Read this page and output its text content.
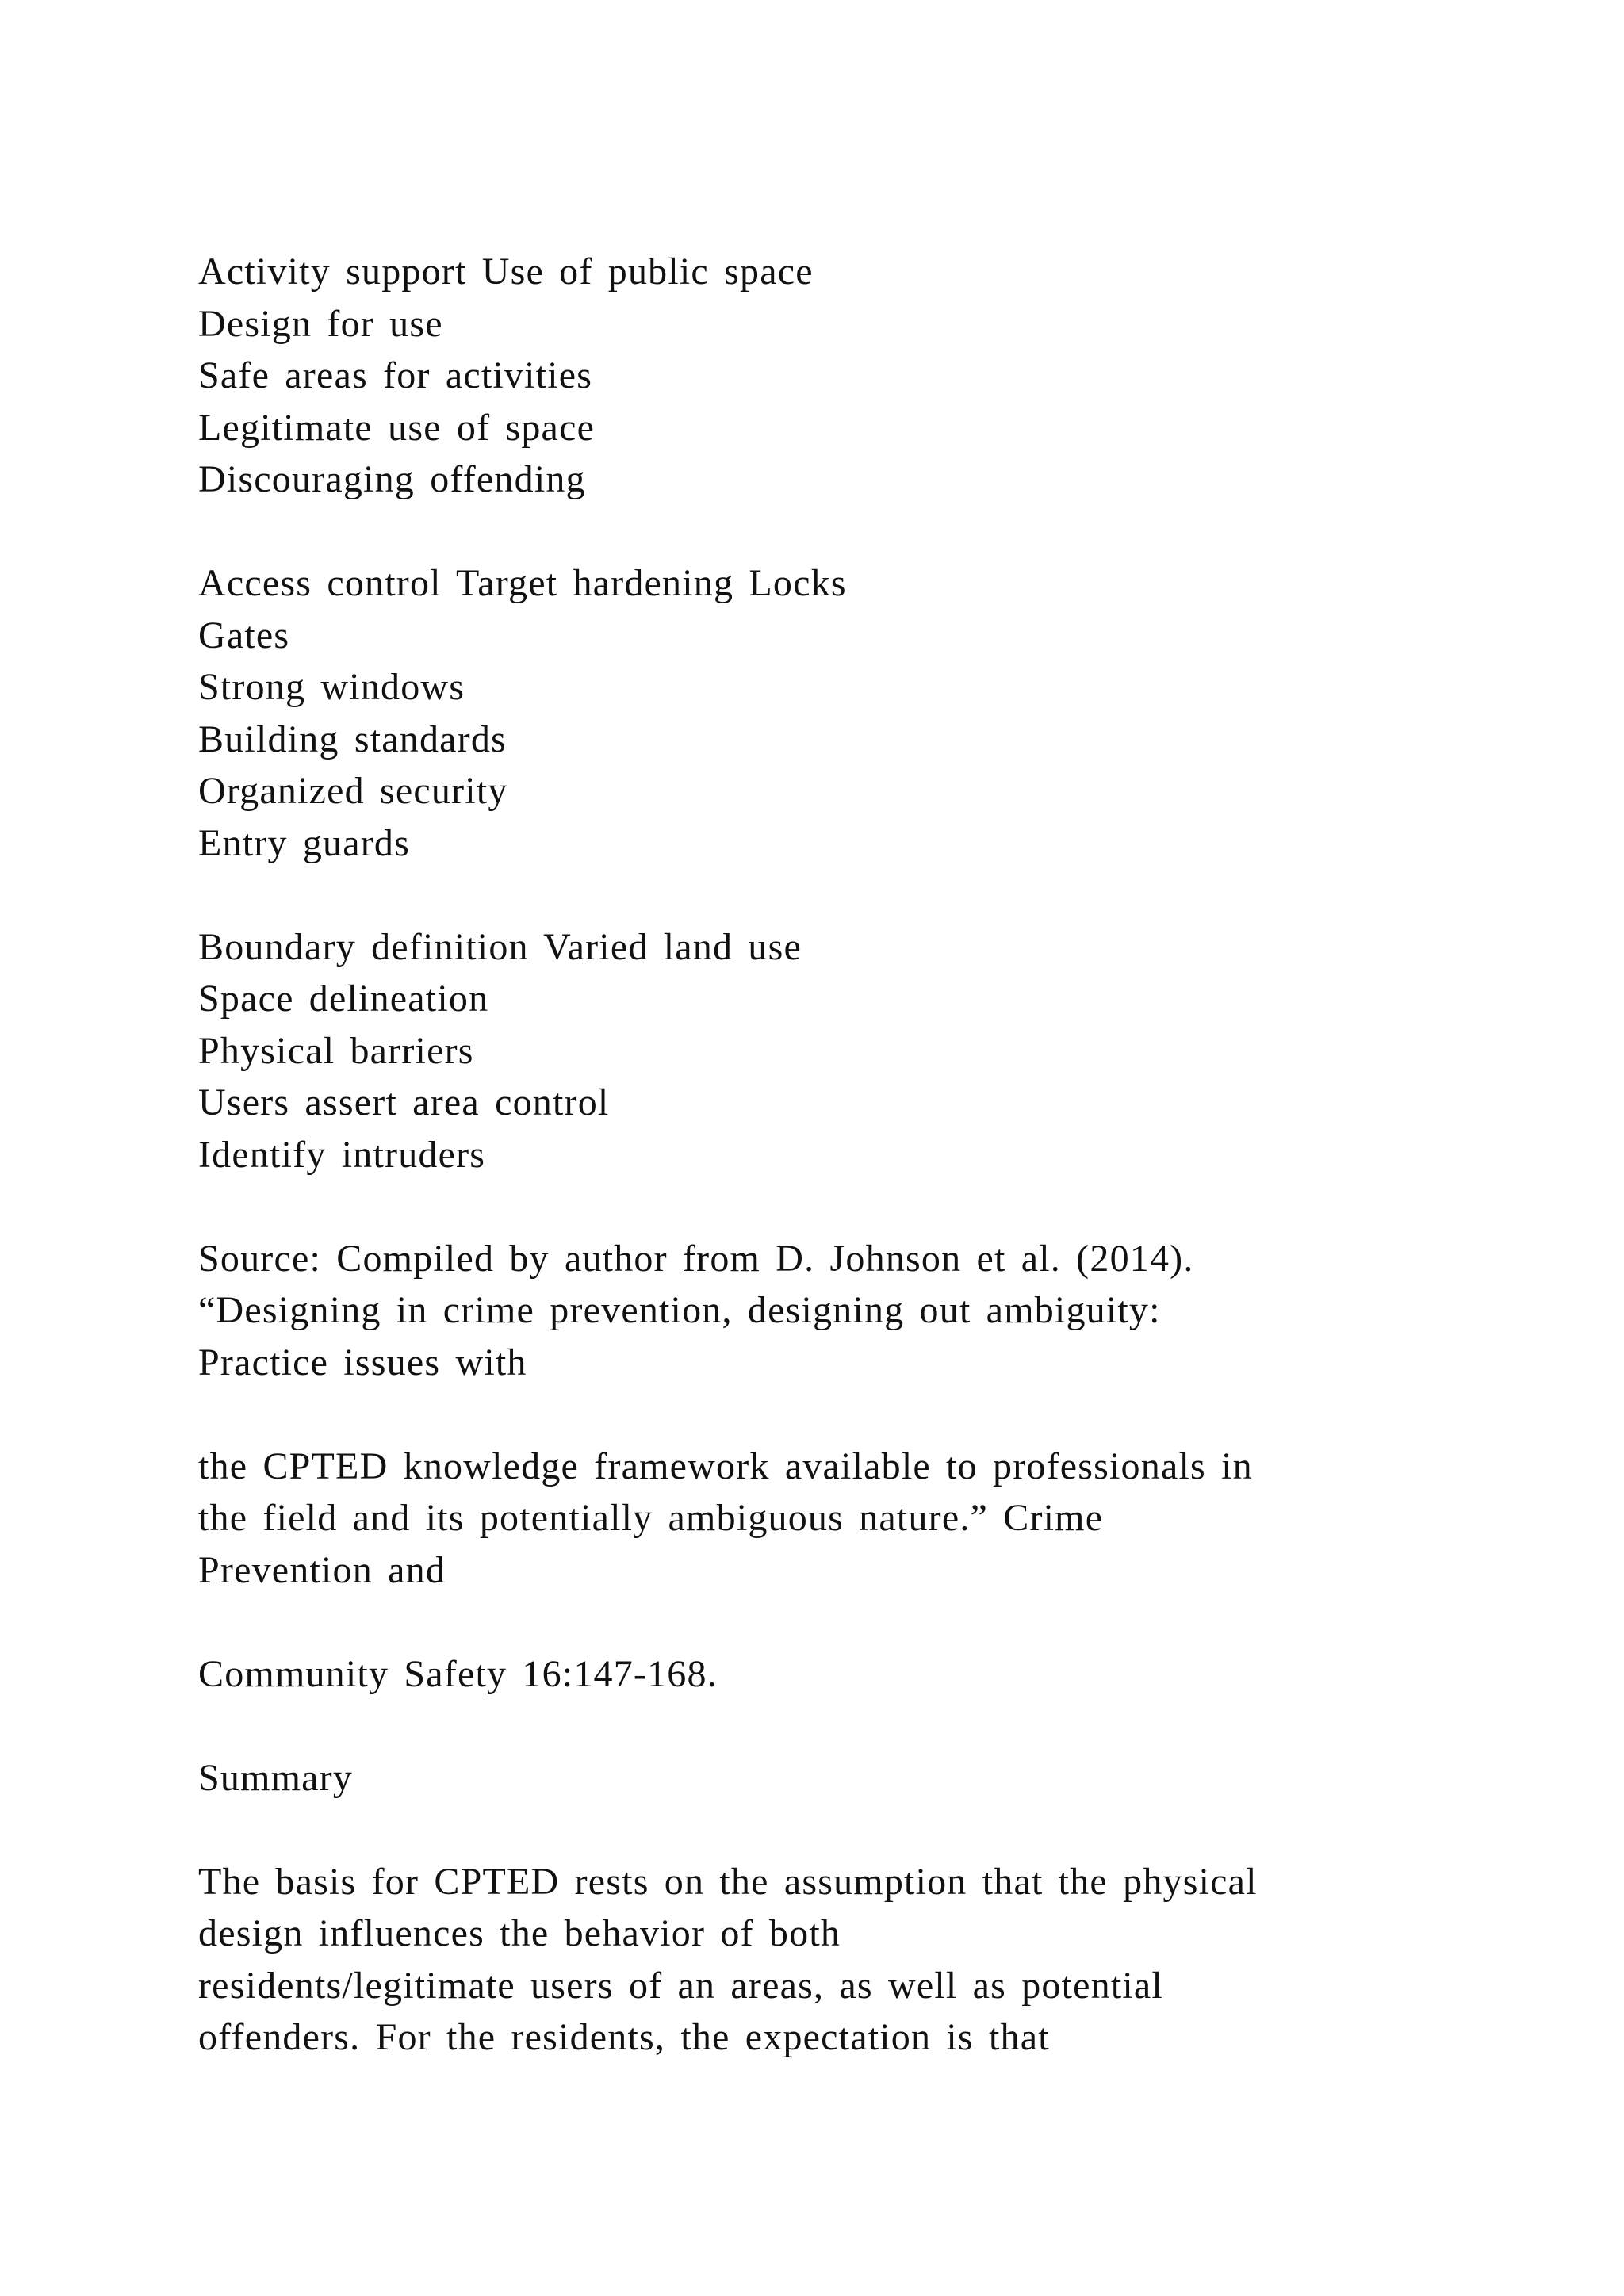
Activity support Use of public space
Design for use
Safe areas for activities
Legitimate use of space
Discouraging offending
Access control Target hardening Locks
Gates
Strong windows
Building standards
Organized security
Entry guards
Boundary definition Varied land use
Space delineation
Physical barriers
Users assert area control
Identify intruders
Source: Compiled by author from D. Johnson et al. (2014).
“Designing in crime prevention, designing out ambiguity:
Practice issues with
the CPTED knowledge framework available to professionals in
the field and its potentially ambiguous nature.” Crime
Prevention and
Community Safety 16:147-168.
Summary
The basis for CPTED rests on the assumption that the physical
design influences the behavior of both
residents/legitimate users of an areas, as well as potential
offenders. For the residents, the expectation is that
